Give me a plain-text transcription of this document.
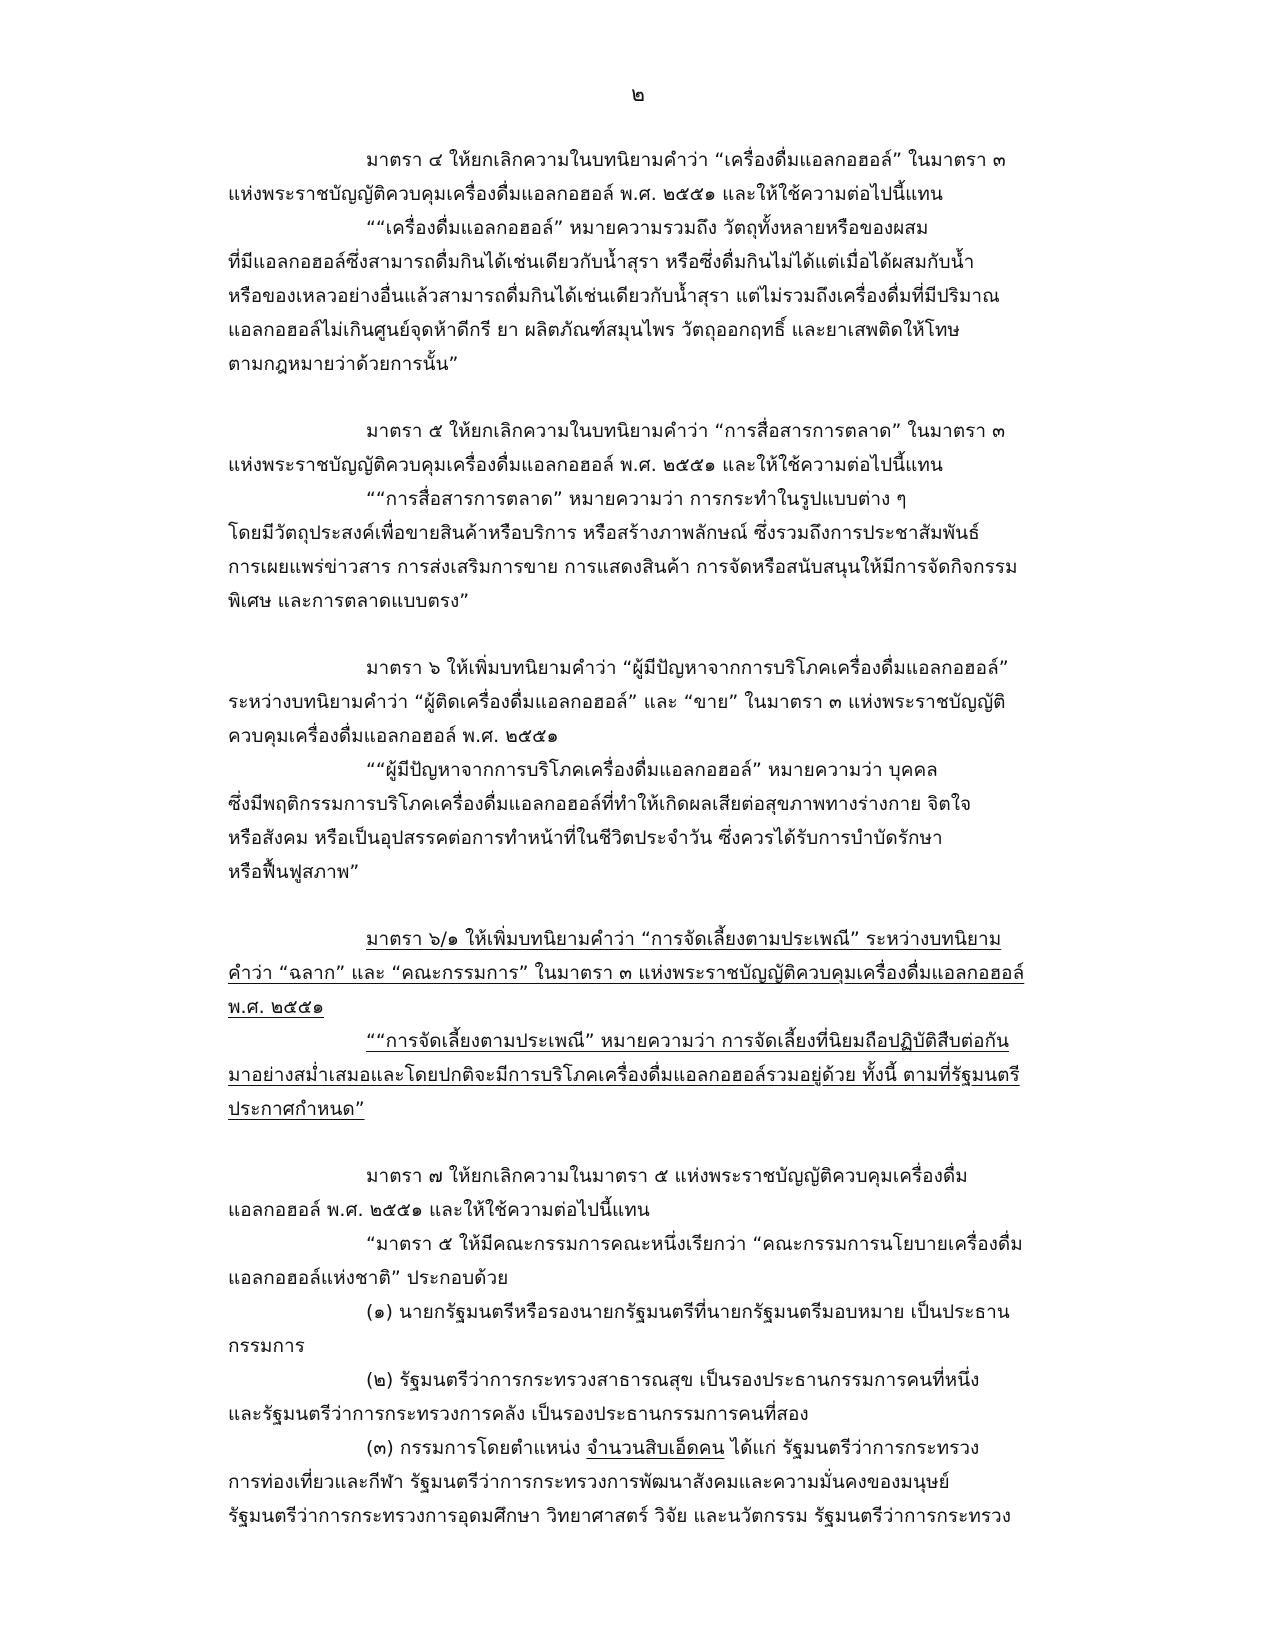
๒
มาตรา ๔ ให้ยกเลิกความในบทนิยามคำว่า “เครื่องดื่มแอลกอฮอล์” ในมาตรา ๓
แห่งพระราชบัญญัติควบคุมเครื่องดื่มแอลกอฮอล์ พ.ศ. ๒๕๕๑ และให้ใช้ความต่อไปนี้แทน
““เครื่องดื่มแอลกอฮอล์” หมายความรวมถึง วัตถุทั้งหลายหรือของผสม
ที่มีแอลกอฮอล์ซึ่งสามารถดื่มกินได้เช่นเดียวกับน้ำสุรา หรือซึ่งดื่มกินไม่ได้แต่เมื่อได้ผสมกับน้ำ
หรือของเหลวอย่างอื่นแล้วสามารถดื่มกินได้เช่นเดียวกับน้ำสุรา แต่ไม่รวมถึงเครื่องดื่มที่มีปริมาณ
แอลกอฮอล์ไม่เกินศูนย์จุดห้าดีกรี ยา ผลิตภัณฑ์สมุนไพร วัตถุออกฤทธิ์ และยาเสพติดให้โทษ
ตามกฎหมายว่าด้วยการนั้น”
มาตรา ๕ ให้ยกเลิกความในบทนิยามคำว่า “การสื่อสารการตลาด” ในมาตรา ๓
แห่งพระราชบัญญัติควบคุมเครื่องดื่มแอลกอฮอล์ พ.ศ. ๒๕๕๑ และให้ใช้ความต่อไปนี้แทน
““การสื่อสารการตลาด” หมายความว่า การกระทำในรูปแบบต่าง ๆ
โดยมีวัตถุประสงค์เพื่อขายสินค้าหรือบริการ หรือสร้างภาพลักษณ์ ซึ่งรวมถึงการประชาสัมพันธ์
การเผยแพร่ข่าวสาร การส่งเสริมการขาย การแสดงสินค้า การจัดหรือสนับสนุนให้มีการจัดกิจกรรม
พิเศษ และการตลาดแบบตรง”
มาตรา ๖ ให้เพิ่มบทนิยามคำว่า “ผู้มีปัญหาจากการบริโภคเครื่องดื่มแอลกอฮอล์”
ระหว่างบทนิยามคำว่า “ผู้ติดเครื่องดื่มแอลกอฮอล์” และ “ขาย” ในมาตรา ๓ แห่งพระราชบัญญัติ
ควบคุมเครื่องดื่มแอลกอฮอล์ พ.ศ. ๒๕๕๑
““ผู้มีปัญหาจากการบริโภคเครื่องดื่มแอลกอฮอล์” หมายความว่า บุคคล
ซึ่งมีพฤติกรรมการบริโภคเครื่องดื่มแอลกอฮอล์ที่ทำให้เกิดผลเสียต่อสุขภาพทางร่างกาย จิตใจ
หรือสังคม หรือเป็นอุปสรรคต่อการทำหน้าที่ในชีวิตประจำวัน ซึ่งควรได้รับการบำบัดรักษา
หรือฟื้นฟูสภาพ”
มาตรา ๖/๑ ให้เพิ่มบทนิยามคำว่า “การจัดเลี้ยงตามประเพณี” ระหว่างบทนิยาม
คำว่า “ฉลาก” และ “คณะกรรมการ” ในมาตรา ๓ แห่งพระราชบัญญัติควบคุมเครื่องดื่มแอลกอฮอล์
พ.ศ. ๒๕๕๑
““การจัดเลี้ยงตามประเพณี” หมายความว่า การจัดเลี้ยงที่นิยมถือปฏิบัติสืบต่อกัน
มาอย่างสม่ำเสมอและโดยปกติจะมีการบริโภคเครื่องดื่มแอลกอฮอล์รวมอยู่ด้วย ทั้งนี้ ตามที่รัฐมนตรี
ประกาศกำหนด”
มาตรา ๗ ให้ยกเลิกความในมาตรา ๕ แห่งพระราชบัญญัติควบคุมเครื่องดื่ม
แอลกอฮอล์ พ.ศ. ๒๕๕๑ และให้ใช้ความต่อไปนี้แทน
“มาตรา ๕ ให้มีคณะกรรมการคณะหนึ่งเรียกว่า “คณะกรรมการนโยบายเครื่องดื่ม
แอลกอฮอล์แห่งชาติ” ประกอบด้วย
(๑) นายกรัฐมนตรีหรือรองนายกรัฐมนตรีที่นายกรัฐมนตรีมอบหมาย เป็นประธาน
กรรมการ
(๒) รัฐมนตรีว่าการกระทรวงสาธารณสุข เป็นรองประธานกรรมการคนที่หนึ่ง
และรัฐมนตรีว่าการกระทรวงการคลัง เป็นรองประธานกรรมการคนที่สอง
(๓) กรรมการโดยตำแหน่ง จำนวนสิบเอ็ดคน ได้แก่ รัฐมนตรีว่าการกระทรวง
การท่องเที่ยวและกีฬา รัฐมนตรีว่าการกระทรวงการพัฒนาสังคมและความมั่นคงของมนุษย์
รัฐมนตรีว่าการกระทรวงการอุดมศึกษา วิทยาศาสตร์ วิจัย และนวัตกรรม รัฐมนตรีว่าการกระทรวง
